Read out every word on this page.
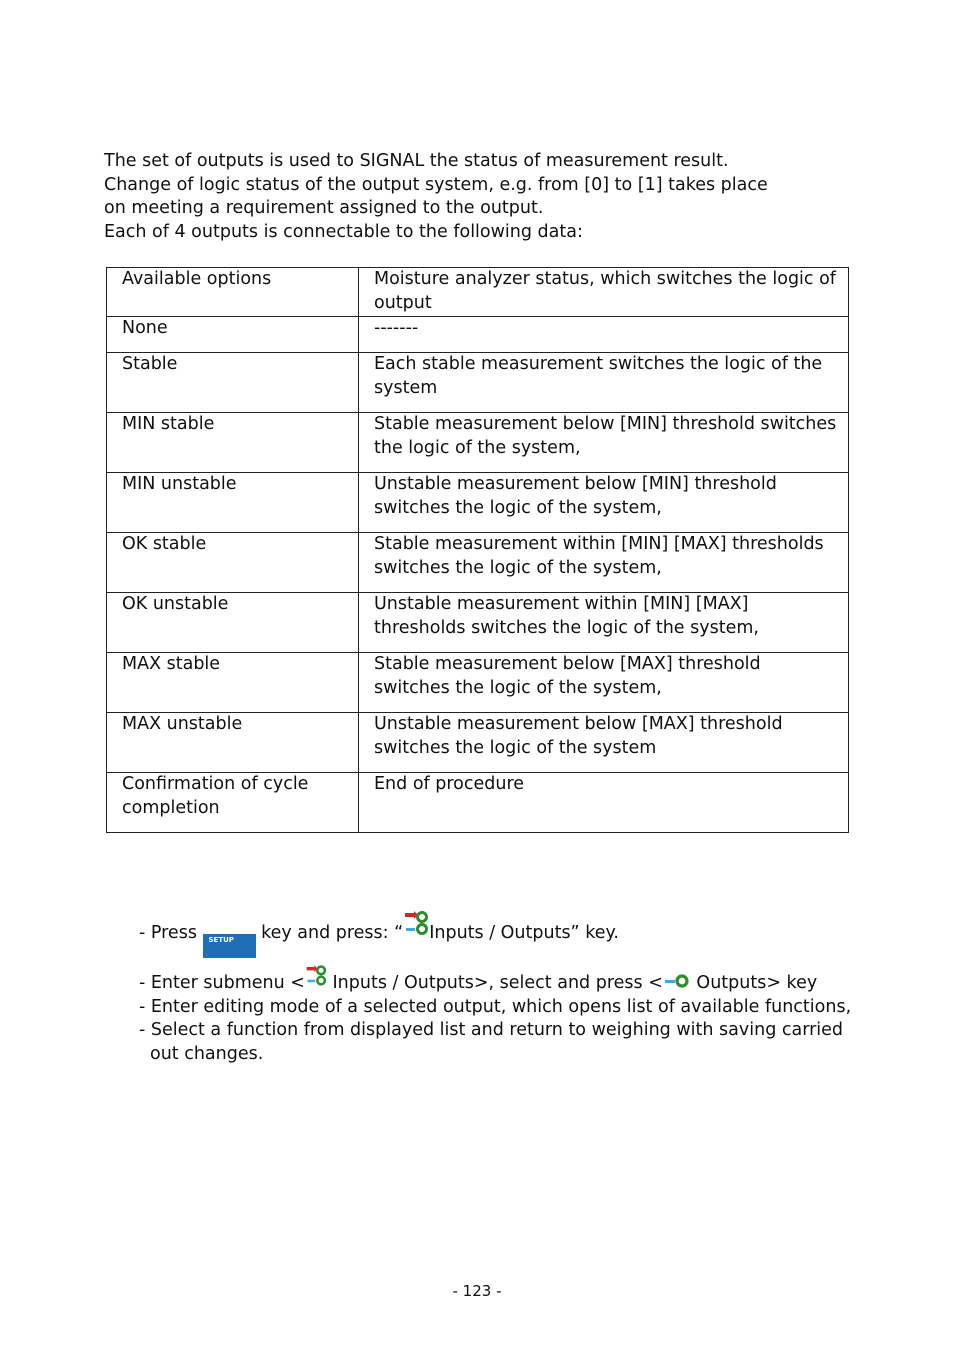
The set of outputs is used to SIGNAL the status of measurement result.

Change of logic status of the output system, e.g. from [0] to [1] takes place

on meeting a requirement assigned to the output.

Each of 4 outputs is connectable to the following data:

Available options	Moisture analyzer status, which switches the logic of output
None	-------
Stable	Each stable measurement switches the logic of the system
MIN stable	Stable measurement below [MIN] threshold switches the logic of the system,
MIN unstable	Unstable measurement below [MIN] threshold switches the logic of the system,
OK stable	Stable measurement within [MIN] [MAX] thresholds switches the logic of the system,
OK unstable	Unstable measurement within [MIN] [MAX] thresholds switches the logic of the system,
MAX stable	Stable measurement below [MAX] threshold switches the logic of the system,
MAX unstable	Unstable measurement below [MAX] threshold switches the logic of the system
Confirmation of cycle completion	End of procedure
- Press SETUP key and press: “ Inputs / Outputs” key.
- Enter submenu < Inputs / Outputs>, select and press < Outputs> key
- Enter editing mode of a selected output, which opens list of available functions,
- Select a function from displayed list and return to weighing with saving carried out changes.
- 123 -
